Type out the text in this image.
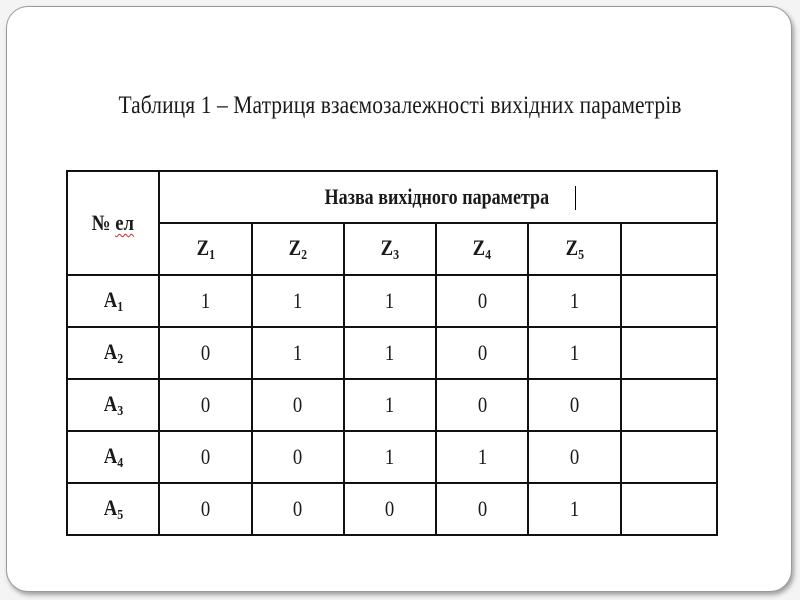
Таблиця 1 – Матриця взаємозалежності вихідних параметрів
№ ел	Назва вихідного параметра					
	$Z_1$	$Z_2$	$Z_3$	$Z_4$	$Z_5$	
$A_1$	1	1	1	0	1	
$A_2$	0	1	1	0	1	
$A_3$	0	0	1	0	0	
$A_4$	0	0	1	1	0	
$A_5$	0	0	0	0	1	
